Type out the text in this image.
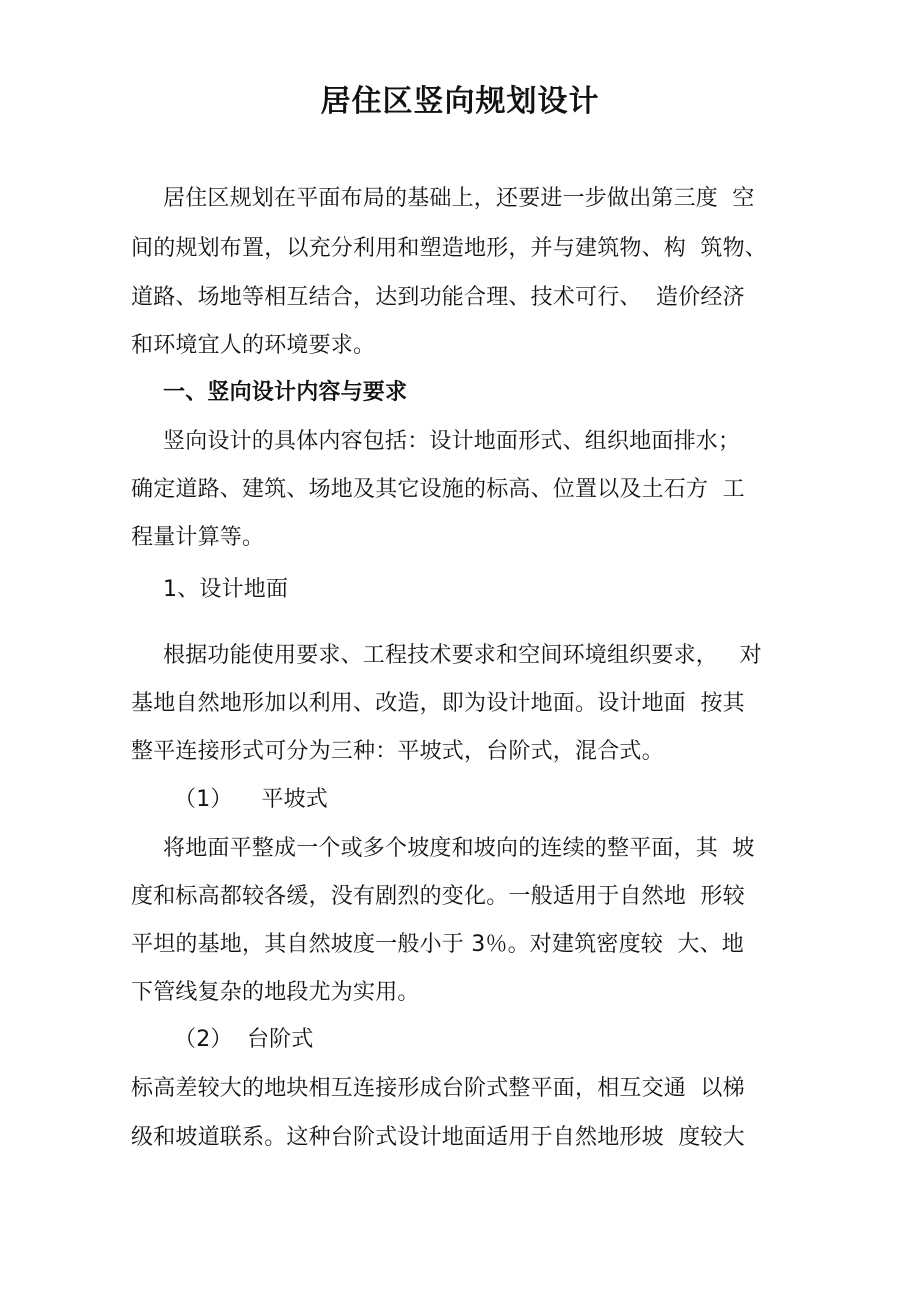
居住区竖向规划设计
居住区规划在平面布局的基础上，还要进一步做出第三度  空
间的规划布置，以充分利用和塑造地形，并与建筑物、构  筑物、
道路、场地等相互结合，达到功能合理、技术可行、  造价经济
和环境宜人的环境要求。
一、竖向设计内容与要求
竖向设计的具体内容包括：设计地面形式、组织地面排水；
确定道路、建筑、场地及其它设施的标高、位置以及土石方  工
程量计算等。
1、设计地面
根据功能使用要求、工程技术要求和空间环境组织要求，   对
基地自然地形加以利用、改造，即为设计地面。设计地面  按其
整平连接形式可分为三种：平坡式，台阶式，混合式。
（1）    平坡式
将地面平整成一个或多个坡度和坡向的连续的整平面，其  坡
度和标高都较各缓，没有剧烈的变化。一般适用于自然地  形较
平坦的基地，其自然坡度一般小于 3％。对建筑密度较  大、地
下管线复杂的地段尤为实用。
（2）  台阶式
标高差较大的地块相互连接形成台阶式整平面，相互交通  以梯
级和坡道联系。这种台阶式设计地面适用于自然地形坡  度较大
